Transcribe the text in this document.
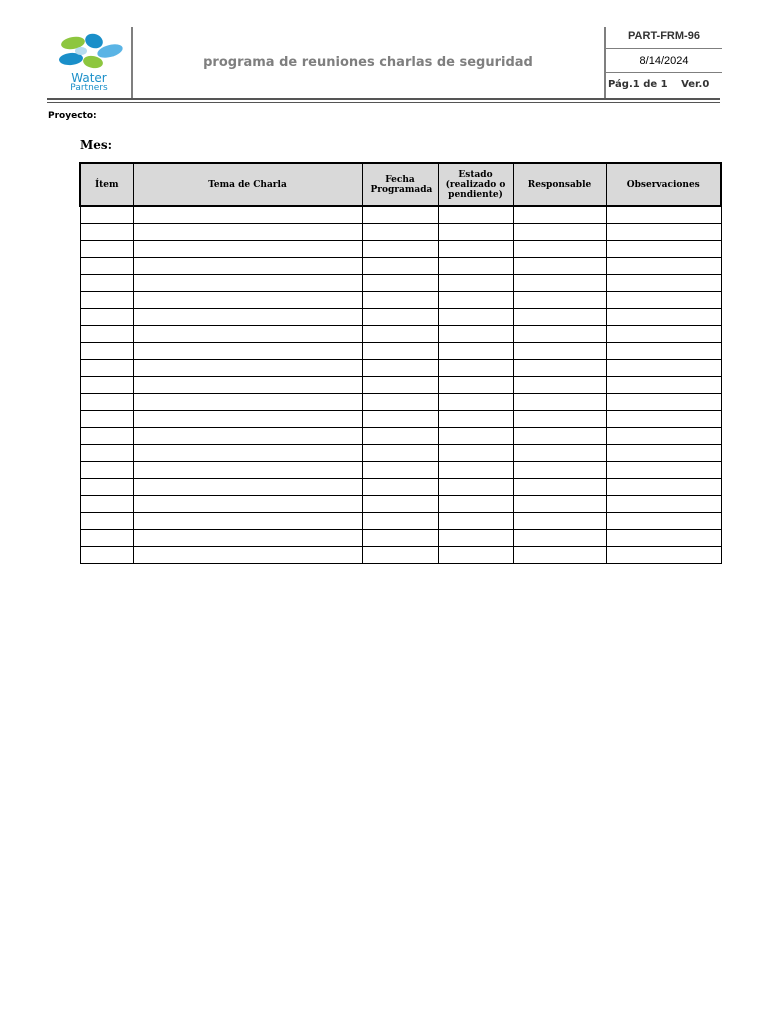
Water
Partners
programa de reuniones charlas de seguridad
PART-FRM-96
8/14/2024
Pág.1 de 1 Ver.0
Proyecto:
Mes:
Ítem	Tema de Charla	Fecha Programada	Estado (realizado o pendiente)	Responsable	Observaciones
